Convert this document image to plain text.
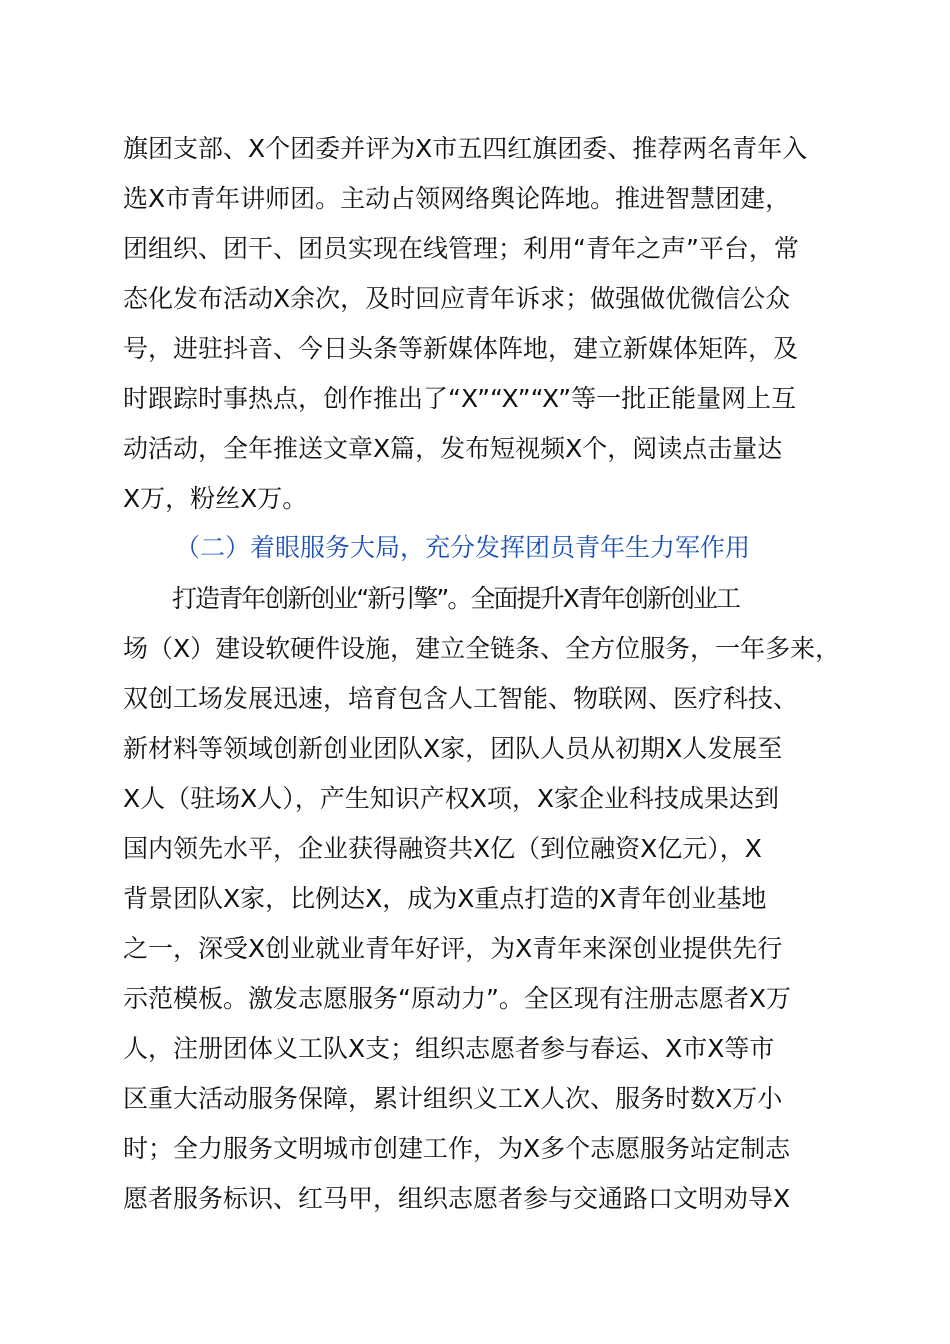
旗团支部、X个团委并评为X市五四红旗团委、推荐两名青年入
选X市青年讲师团。主动占领网络舆论阵地。推进智慧团建，
团组织、团干、团员实现在线管理；利用“青年之声”平台，常
态化发布活动X余次，及时回应青年诉求；做强做优微信公众
号，进驻抖音、今日头条等新媒体阵地，建立新媒体矩阵，及
时跟踪时事热点，创作推出了“X”“X”“X”等一批正能量网上互
动活动，全年推送文章X篇，发布短视频X个，阅读点击量达
X万，粉丝X万。
（二）着眼服务大局，充分发挥团员青年生力军作用
打造青年创新创业“新引擎”。全面提升X青年创新创业工
场（X）建设软硬件设施，建立全链条、全方位服务，一年多来，
双创工场发展迅速，培育包含人工智能、物联网、医疗科技、
新材料等领域创新创业团队X家，团队人员从初期X人发展至
X人（驻场X人），产生知识产权X项，X家企业科技成果达到
国内领先水平，企业获得融资共X亿（到位融资X亿元），X
背景团队X家，比例达X，成为X重点打造的X青年创业基地
之一，深受X创业就业青年好评，为X青年来深创业提供先行
示范模板。激发志愿服务“原动力”。全区现有注册志愿者X万
人，注册团体义工队X支；组织志愿者参与春运、X市X等市
区重大活动服务保障，累计组织义工X人次、服务时数X万小
时；全力服务文明城市创建工作，为X多个志愿服务站定制志
愿者服务标识、红马甲，组织志愿者参与交通路口文明劝导X
